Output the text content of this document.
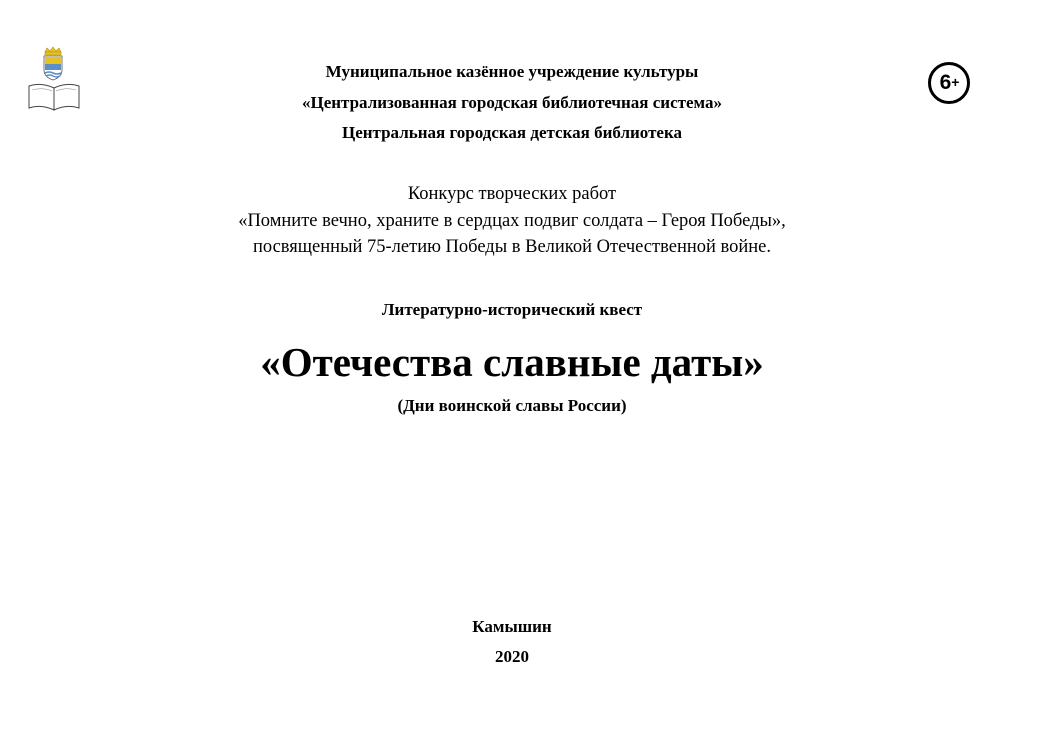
6 +
Муниципальное казённое учреждение культуры
«Централизованная городская библиотечная система»
Центральная городская детская библиотека
Конкурс творческих работ
«Помните вечно, храните в сердцах подвиг солдата – Героя Победы»,
посвященный 75-летию Победы в Великой Отечественной войне.
Литературно-исторический квест
«Отечества славные даты»
(Дни воинской славы России)
Камышин
2020
